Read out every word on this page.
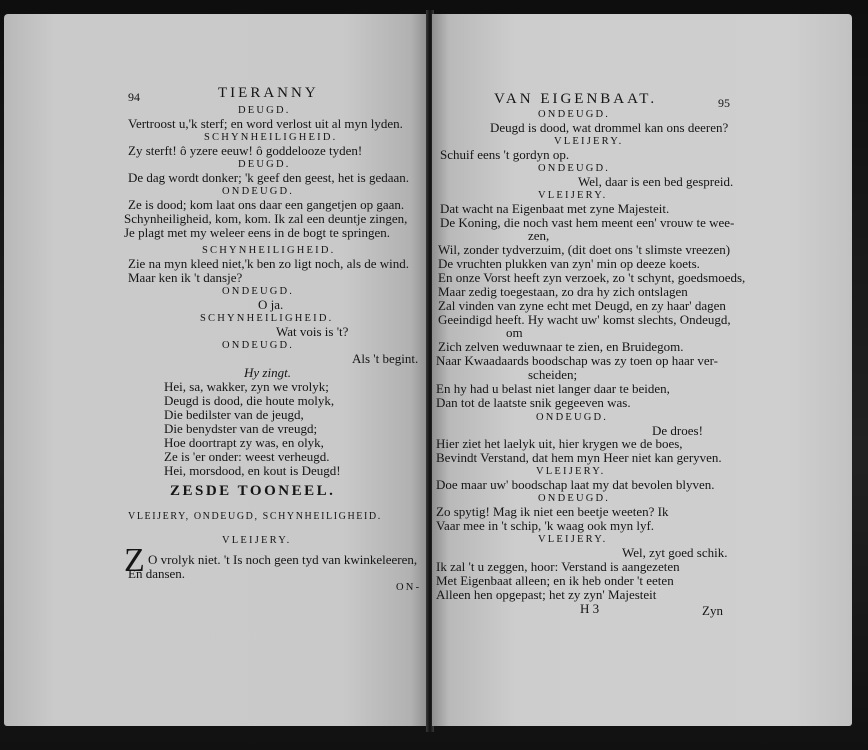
94	TIERANNY
DEUGD.
Vertroost u,'k sterf; en word verlost uit al myn lyden.
SCHYNHEILIGHEID.
Zy sterft! ô yzere eeuw! ô goddelooze tyden!
DEUGD.
De dag wordt donker; 'k geef den geest, het is gedaan.
ONDEUGD.
Ze is dood; kom laat ons daar een gangetjen op gaan.
Schynheiligheid, kom, kom. Ik zal een deuntje zingen,
Je plagt met my weleer eens in de bogt te springen.
SCHYNHEILIGHEID.
Zie na myn kleed niet,'k ben zo ligt noch, als de wind.
Maar ken ik 't dansje?
ONDEUGD.
O ja.
SCHYNHEILIGHEID.
Wat vois is 't?
ONDEUGD.
Als 't begint.
Hy zingt.
Hei, sa, wakker, zyn we vrolyk;
Deugd is dood, die houte molyk,
Die bedilster van de jeugd,
Die benydster van de vreugd;
Hoe doortrapt zy was, en olyk,
Ze is 'er onder: weest verheugd.
Hei, morsdood, en kout is Deugd!
ZESDE TOONEEL.
VLEIJERY, ONDEUGD, SCHYNHEILIGHEID.
VLEIJERY.
Z O vrolyk niet. 't Is noch geen tyd van kwinkeleeren,
En dansen.
ON-
VAN EIGENBAAT.	95
ONDEUGD.
Deugd is dood, wat drommel kan ons deeren?
VLEIJERY.
Schuif eens 't gordyn op.
ONDEUGD.
Wel, daar is een bed gespreid.
VLEIJERY.
Dat wacht na Eigenbaat met zyne Majesteit.
De Koning, die noch vast hem meent een' vrouw te wee-
zen,
Wil, zonder tydverzuim, (dit doet ons 't slimste vreezen)
De vruchten plukken van zyn' min op deeze koets.
En onze Vorst heeft zyn verzoek, zo 't schynt, goedsmoeds,
Maar zedig toegestaan, zo dra hy zich ontslagen
Zal vinden van zyne echt met Deugd, en zy haar' dagen
Geeindigd heeft. Hy wacht uw' komst slechts, Ondeugd,
om
Zich zelven weduwnaar te zien, en Bruidegom.
Naar Kwaadaards boodschap was zy toen op haar ver-
scheiden;
En hy had u belast niet langer daar te beiden,
Dan tot de laatste snik gegeeven was.
ONDEUGD.
De droes!
Hier ziet het laelyk uit, hier krygen we de boes,
Bevindt Verstand, dat hem myn Heer niet kan geryven.
VLEIJERY.
Doe maar uw' boodschap laat my dat bevolen blyven.
ONDEUGD.
Zo spytig! Mag ik niet een beetje weeten? Ik
Vaar mee in 't schip, 'k waag ook myn lyf.
VLEIJERY.
Wel, zyt goed schik.
Ik zal 't u zeggen, hoor: Verstand is aangezeten
Met Eigenbaat alleen; en ik heb onder 't eeten
Alleen hen opgepast; het zy zyn' Majesteit
H 3	Zyn
